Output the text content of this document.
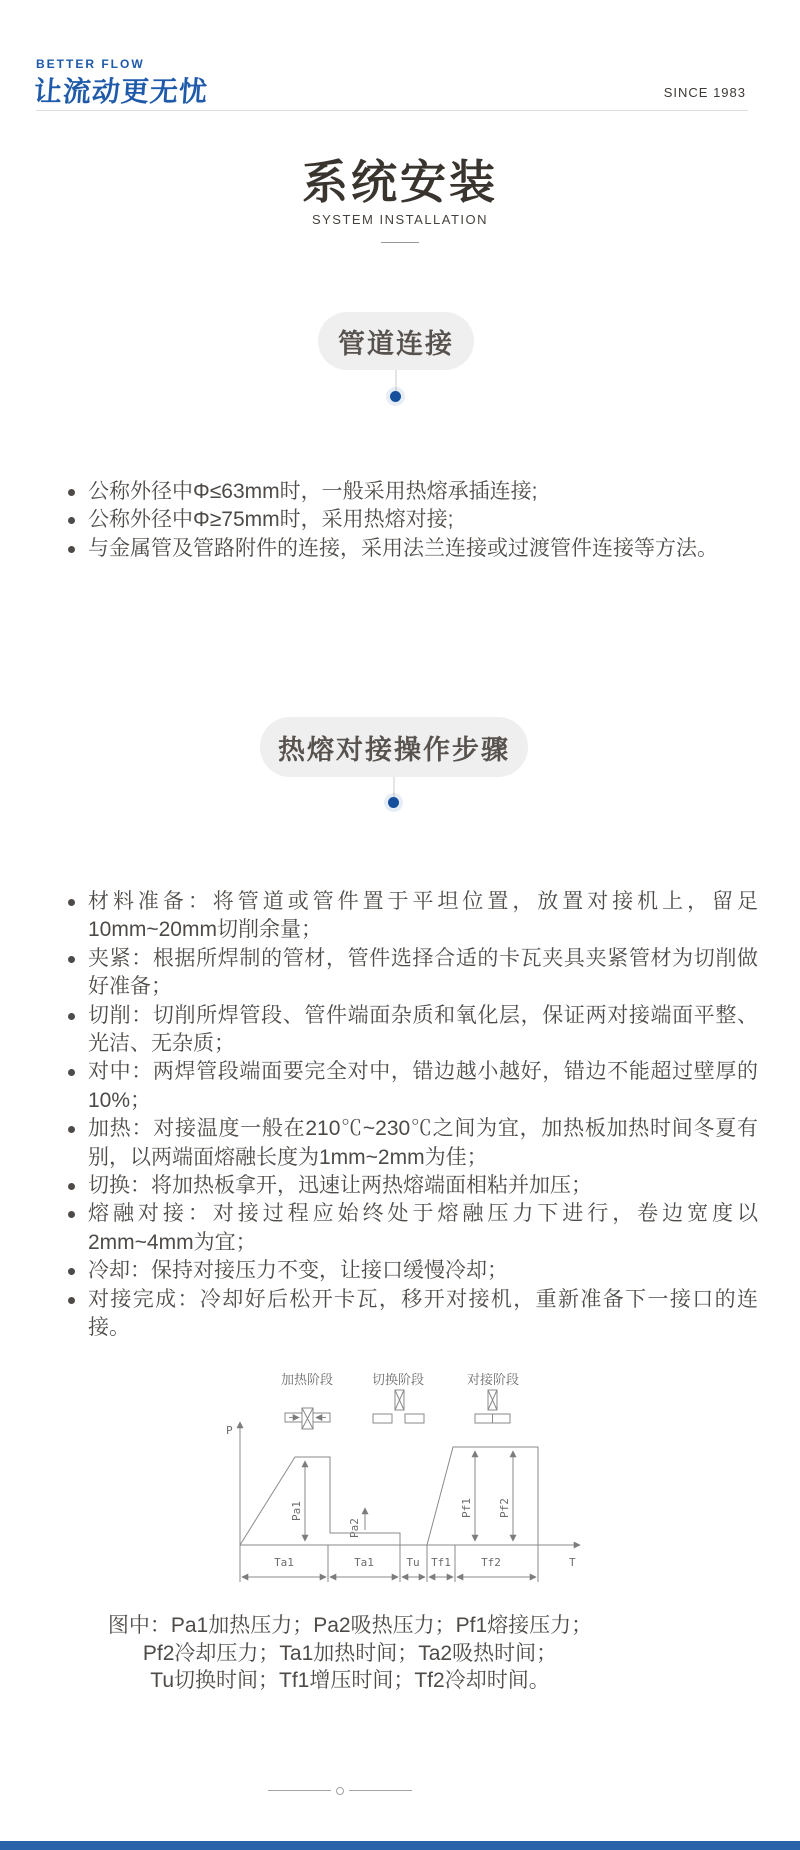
BETTER FLOW
让流动更无忧	SINCE 1983
系统安装
SYSTEM INSTALLATION
管道连接
公称外径中Φ≤63mm时，一般采用热熔承插连接;
公称外径中Φ≥75mm时，采用热熔对接;
与金属管及管路附件的连接，采用法兰连接或过渡管件连接等方法。
热熔对接操作步骤
材料准备：将管道或管件置于平坦位置，放置对接机上，留足10mm~20mm切削余量；
夹紧：根据所焊制的管材，管件选择合适的卡瓦夹具夹紧管材为切削做好准备；
切削：切削所焊管段、管件端面杂质和氧化层，保证两对接端面平整、光洁、无杂质；
对中：两焊管段端面要完全对中，错边越小越好，错边不能超过壁厚的10%；
加热：对接温度一般在210℃~230℃之间为宜，加热板加热时间冬夏有别，以两端面熔融长度为1mm~2mm为佳；
切换：将加热板拿开，迅速让两热熔端面相粘并加压；
熔融对接：对接过程应始终处于熔融压力下进行，卷边宽度以2mm~4mm为宜；
冷却：保持对接压力不变，让接口缓慢冷却；
对接完成：冷却好后松开卡瓦，移开对接机，重新准备下一接口的连接。
加热阶段	切换阶段	对接阶段
P
T
Pa1
Pa2
Pf1 Pf2
Ta1	Ta1	Tu Tf1	Tf2
图中：Pa1加热压力；Pa2吸热压力；Pf1熔接压力；
Pf2冷却压力；Ta1加热时间；Ta2吸热时间；
Tu切换时间；Tf1增压时间；Tf2冷却时间。
